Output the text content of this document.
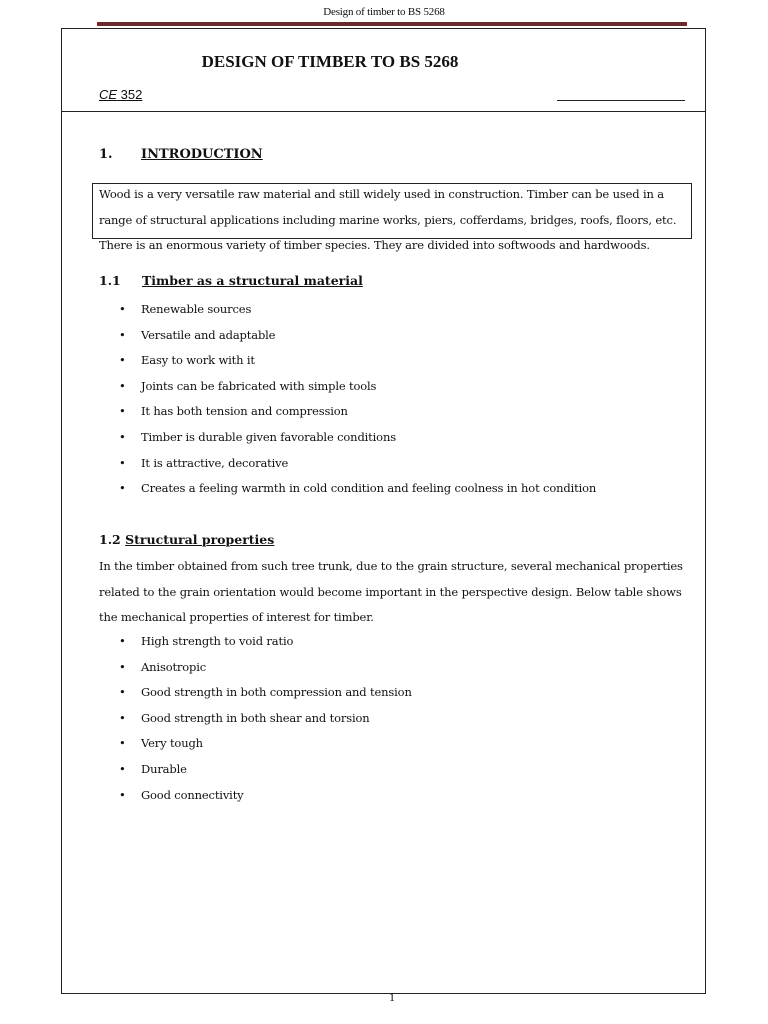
Design of timber to BS 5268
DESIGN OF TIMBER TO BS 5268
CE 352
1. INTRODUCTION
Wood is a very versatile raw material and still widely used in construction. Timber can be used in a range of structural applications including marine works, piers, cofferdams, bridges, roofs, floors, etc. There is an enormous variety of timber species. They are divided into softwoods and hardwoods.
1.1 Timber as a structural material
• Renewable sources
• Versatile and adaptable
• Easy to work with it
• Joints can be fabricated with simple tools
• It has both tension and compression
• Timber is durable given favorable conditions
• It is attractive, decorative
• Creates a feeling warmth in cold condition and feeling coolness in hot condition
1.2 Structural properties
In the timber obtained from such tree trunk, due to the grain structure, several mechanical properties related to the grain orientation would become important in the perspective design. Below table shows the mechanical properties of interest for timber.
• High strength to void ratio
• Anisotropic
• Good strength in both compression and tension
• Good strength in both shear and torsion
• Very tough
• Durable
• Good connectivity
1
